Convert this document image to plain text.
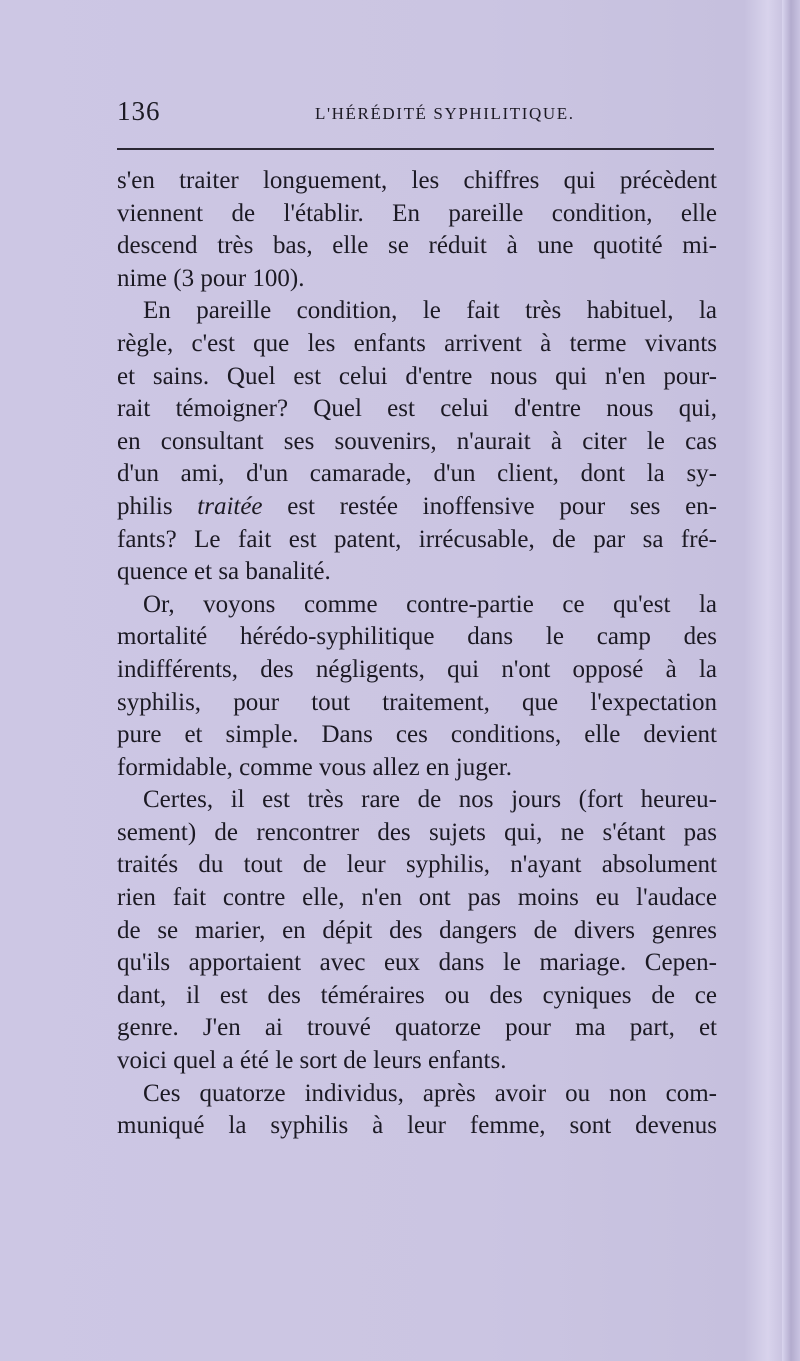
136	L'HÉRÉDITÉ SYPHILITIQUE.
s'en traiter longuement, les chiffres qui précèdent
viennent de l'établir. En pareille condition, elle
descend très bas, elle se réduit à une quotité mi-
nime (3 pour 100).
En pareille condition, le fait très habituel, la
règle, c'est que les enfants arrivent à terme vivants
et sains. Quel est celui d'entre nous qui n'en pour-
rait témoigner? Quel est celui d'entre nous qui,
en consultant ses souvenirs, n'aurait à citer le cas
d'un ami, d'un camarade, d'un client, dont la sy-
philis traitée est restée inoffensive pour ses en-
fants? Le fait est patent, irrécusable, de par sa fré-
quence et sa banalité.
Or, voyons comme contre-partie ce qu'est la
mortalité hérédo-syphilitique dans le camp des
indifférents, des négligents, qui n'ont opposé à la
syphilis, pour tout traitement, que l'expectation
pure et simple. Dans ces conditions, elle devient
formidable, comme vous allez en juger.
Certes, il est très rare de nos jours (fort heureu-
sement) de rencontrer des sujets qui, ne s'étant pas
traités du tout de leur syphilis, n'ayant absolument
rien fait contre elle, n'en ont pas moins eu l'audace
de se marier, en dépit des dangers de divers genres
qu'ils apportaient avec eux dans le mariage. Cepen-
dant, il est des téméraires ou des cyniques de ce
genre. J'en ai trouvé quatorze pour ma part, et
voici quel a été le sort de leurs enfants.
Ces quatorze individus, après avoir ou non com-
muniqué la syphilis à leur femme, sont devenus
